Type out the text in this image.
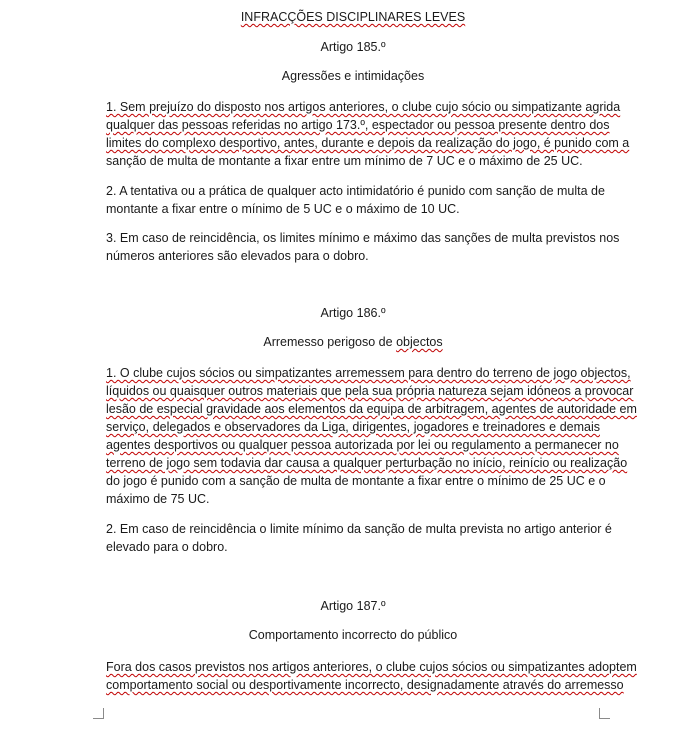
INFRACÇÕES DISCIPLINARES LEVES
Artigo 185.º
Agressões e intimidações
1. Sem prejuízo do disposto nos artigos anteriores, o clube cujo sócio ou simpatizante agrida
qualquer das pessoas referidas no artigo 173.º, espectador ou pessoa presente dentro dos
limites do complexo desportivo, antes, durante e depois da realização do jogo, é punido com a
sanção de multa de montante a fixar entre um mínimo de 7 UC e o máximo de 25 UC.
2. A tentativa ou a prática de qualquer acto intimidatório é punido com sanção de multa de
montante a fixar entre o mínimo de 5 UC e o máximo de 10 UC.
3. Em caso de reincidência, os limites mínimo e máximo das sanções de multa previstos nos
números anteriores são elevados para o dobro.
Artigo 186.º
Arremesso perigoso de objectos
1. O clube cujos sócios ou simpatizantes arremessem para dentro do terreno de jogo objectos,
líquidos ou quaisquer outros materiais que pela sua própria natureza sejam idóneos a provocar
lesão de especial gravidade aos elementos da equipa de arbitragem, agentes de autoridade em
serviço, delegados e observadores da Liga, dirigentes, jogadores e treinadores e demais
agentes desportivos ou qualquer pessoa autorizada por lei ou regulamento a permanecer no
terreno de jogo sem todavia dar causa a qualquer perturbação no início, reinício ou realização
do jogo é punido com a sanção de multa de montante a fixar entre o mínimo de 25 UC e o
máximo de 75 UC.
2. Em caso de reincidência o limite mínimo da sanção de multa prevista no artigo anterior é
elevado para o dobro.
Artigo 187.º
Comportamento incorrecto do público
Fora dos casos previstos nos artigos anteriores, o clube cujos sócios ou simpatizantes adoptem
comportamento social ou desportivamente incorrecto, designadamente através do arremesso
